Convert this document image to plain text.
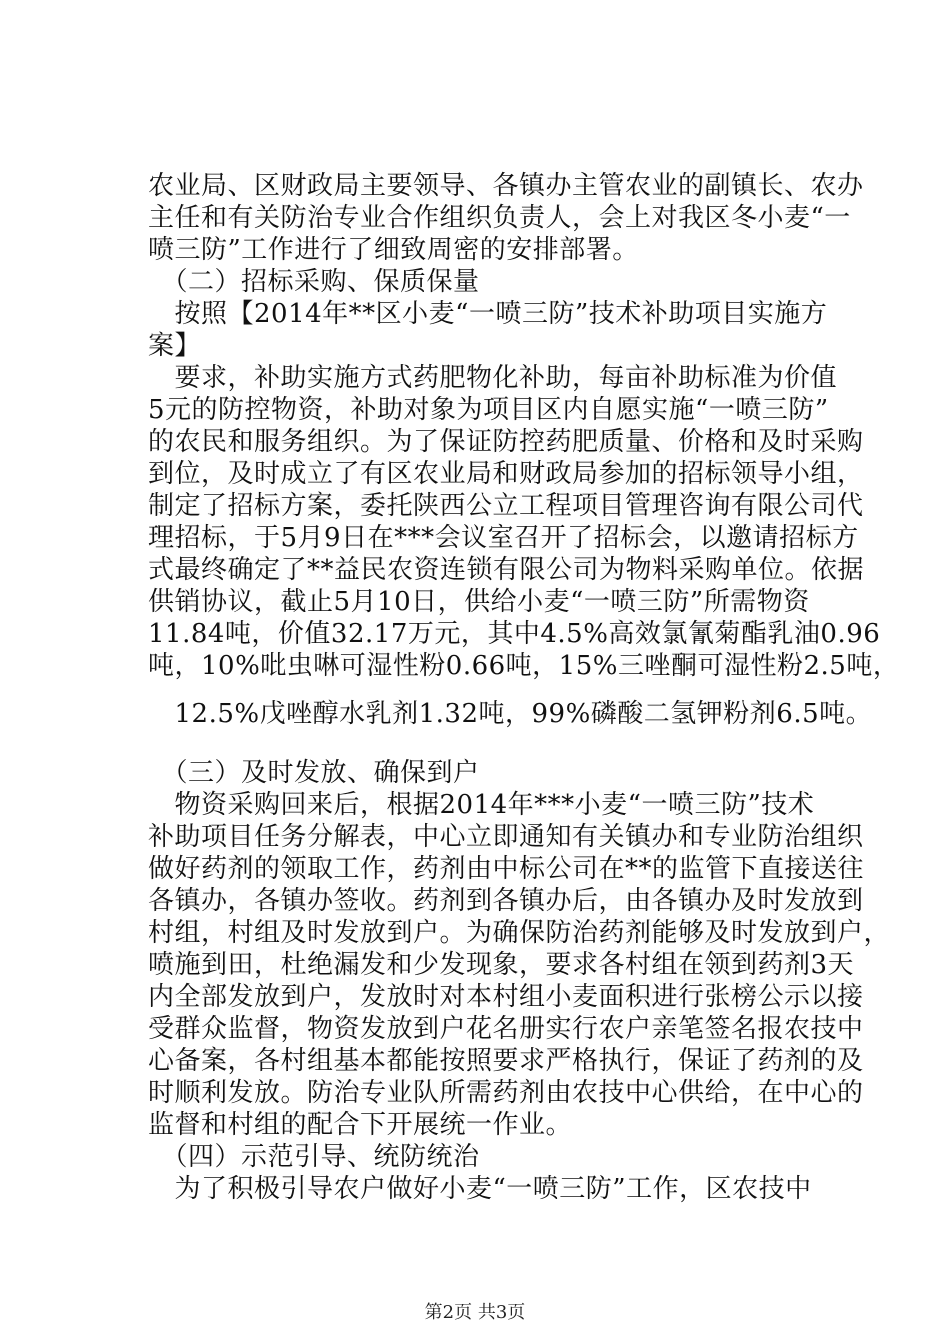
农业局、区财政局主要领导、各镇办主管农业的副镇长、农办
主任和有关防治专业合作组织负责人，会上对我区冬小麦“一
喷三防”工作进行了细致周密的安排部署。
　（二）招标采购、保质保量
　按照【2014年**区小麦“一喷三防”技术补助项目实施方
案】
　要求，补助实施方式药肥物化补助，每亩补助标准为价值
5元的防控物资，补助对象为项目区内自愿实施“一喷三防”
的农民和服务组织。为了保证防控药肥质量、价格和及时采购
到位，及时成立了有区农业局和财政局参加的招标领导小组，
制定了招标方案，委托陕西公立工程项目管理咨询有限公司代
理招标，于5月9日在***会议室召开了招标会，以邀请招标方
式最终确定了**益民农资连锁有限公司为物料采购单位。依据
供销协议，截止5月10日，供给小麦“一喷三防”所需物资
11.84吨，价值32.17万元，其中4.5%高效氯氰菊酯乳油0.96
吨，10%吡虫啉可湿性粉0.66吨，15%三唑酮可湿性粉2.5吨，
　12.5%戊唑醇水乳剂1.32吨，99%磷酸二氢钾粉剂6.5吨。
　（三）及时发放、确保到户
　物资采购回来后，根据2014年***小麦“一喷三防”技术
补助项目任务分解表，中心立即通知有关镇办和专业防治组织
做好药剂的领取工作，药剂由中标公司在**的监管下直接送往
各镇办，各镇办签收。药剂到各镇办后，由各镇办及时发放到
村组，村组及时发放到户。为确保防治药剂能够及时发放到户，
喷施到田，杜绝漏发和少发现象，要求各村组在领到药剂3天
内全部发放到户，发放时对本村组小麦面积进行张榜公示以接
受群众监督，物资发放到户花名册实行农户亲笔签名报农技中
心备案，各村组基本都能按照要求严格执行，保证了药剂的及
时顺利发放。防治专业队所需药剂由农技中心供给，在中心的
监督和村组的配合下开展统一作业。
　（四）示范引导、统防统治
　为了积极引导农户做好小麦“一喷三防”工作，区农技中
第2页 共3页
